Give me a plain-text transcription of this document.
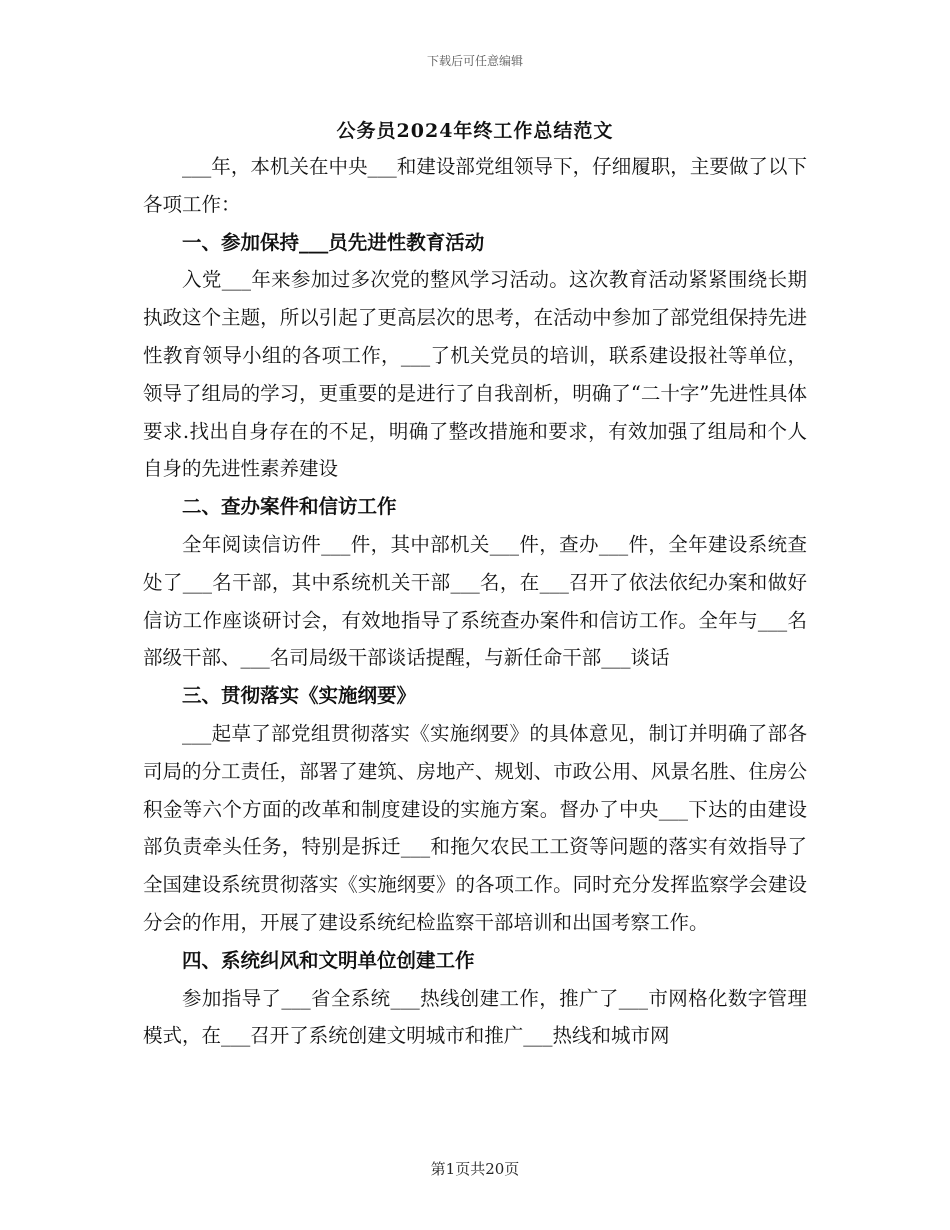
下载后可任意编辑
公务员2024年终工作总结范文

___年，本机关在中央___和建设部党组领导下，仔细履职，主要做了以下各项工作：

一、参加保持___员先进性教育活动

入党___年来参加过多次党的整风学习活动。这次教育活动紧紧围绕长期执政这个主题，所以引起了更高层次的思考，在活动中参加了部党组保持先进性教育领导小组的各项工作，___了机关党员的培训，联系建设报社等单位，领导了组局的学习，更重要的是进行了自我剖析，明确了“二十字”先进性具体要求.找出自身存在的不足，明确了整改措施和要求，有效加强了组局和个人自身的先进性素养建设

二、查办案件和信访工作

全年阅读信访件___件，其中部机关___件，查办___件，全年建设系统查处了___名干部，其中系统机关干部___名，在___召开了依法依纪办案和做好信访工作座谈研讨会，有效地指导了系统查办案件和信访工作。全年与___名部级干部、___名司局级干部谈话提醒，与新任命干部___谈话

三、贯彻落实《实施纲要》

___起草了部党组贯彻落实《实施纲要》的具体意见，制订并明确了部各司局的分工责任，部署了建筑、房地产、规划、市政公用、风景名胜、住房公积金等六个方面的改革和制度建设的实施方案。督办了中央___下达的由建设部负责牵头任务，特别是拆迁___和拖欠农民工工资等问题的落实有效指导了全国建设系统贯彻落实《实施纲要》的各项工作。同时充分发挥监察学会建设分会的作用，开展了建设系统纪检监察干部培训和出国考察工作。

四、系统纠风和文明单位创建工作

参加指导了___省全系统___热线创建工作，推广了___市网格化数字管理模式，在___召开了系统创建文明城市和推广___热线和城市网

第1页共20页
